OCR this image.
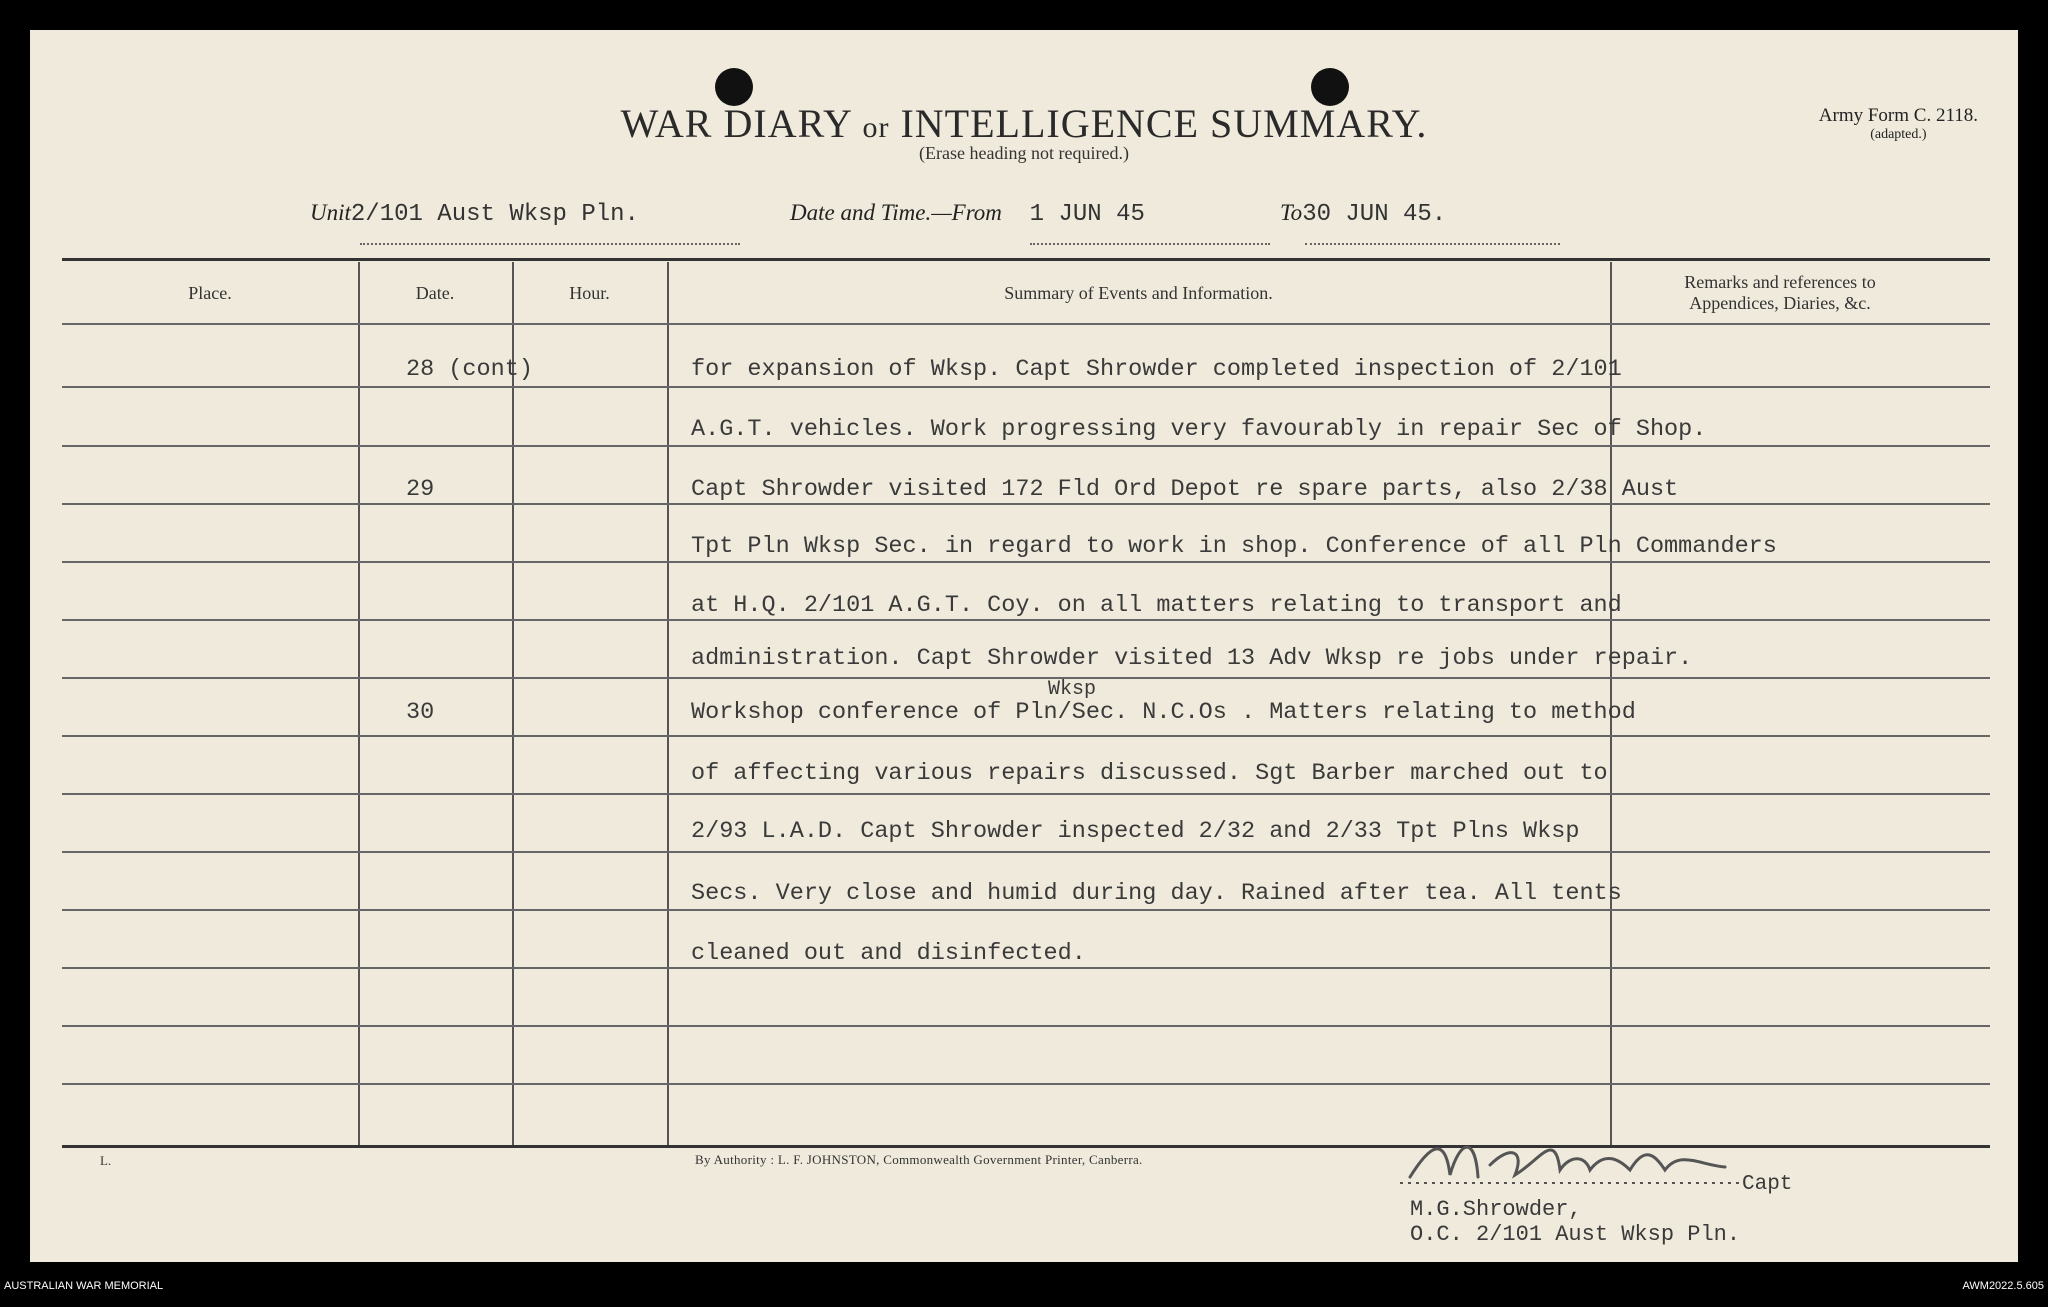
WAR DIARY or INTELLIGENCE SUMMARY.
(Erase heading not required.)
Army Form C. 2118.
(adapted.)
Unit2/101 Aust Wksp Pln.	Date and Time.—From 1 JUN 45	To30 JUN 45.
Place.	Date.	Hour.	Summary of Events and Information.
Remarks and references to
Appendices, Diaries, &c.
28 (cont)	for expansion of Wksp. Capt Shrowder completed inspection of 2/101
A.G.T. vehicles. Work progressing very favourably in repair Sec of Shop.
29	Capt Shrowder visited 172 Fld Ord Depot re spare parts, also 2/38 Aust
Tpt Pln Wksp Sec. in regard to work in shop. Conference of all Pln Commanders
at H.Q. 2/101 A.G.T. Coy. on all matters relating to transport and
administration. Capt Shrowder visited 13 Adv Wksp re jobs under repair.
Wksp
30	Workshop conference of Pln/Sec. N.C.Os . Matters relating to method
of affecting various repairs discussed. Sgt Barber marched out to
2/93 L.A.D. Capt Shrowder inspected 2/32 and 2/33 Tpt Plns Wksp
Secs. Very close and humid during day. Rained after tea. All tents
cleaned out and disinfected.
L.	By Authority : L. F. JOHNSTON, Commonwealth Government Printer, Canberra.
Capt
M.G.Shrowder,
O.C. 2/101 Aust Wksp Pln.
AUSTRALIAN WAR MEMORIAL	AWM2022.5.605
